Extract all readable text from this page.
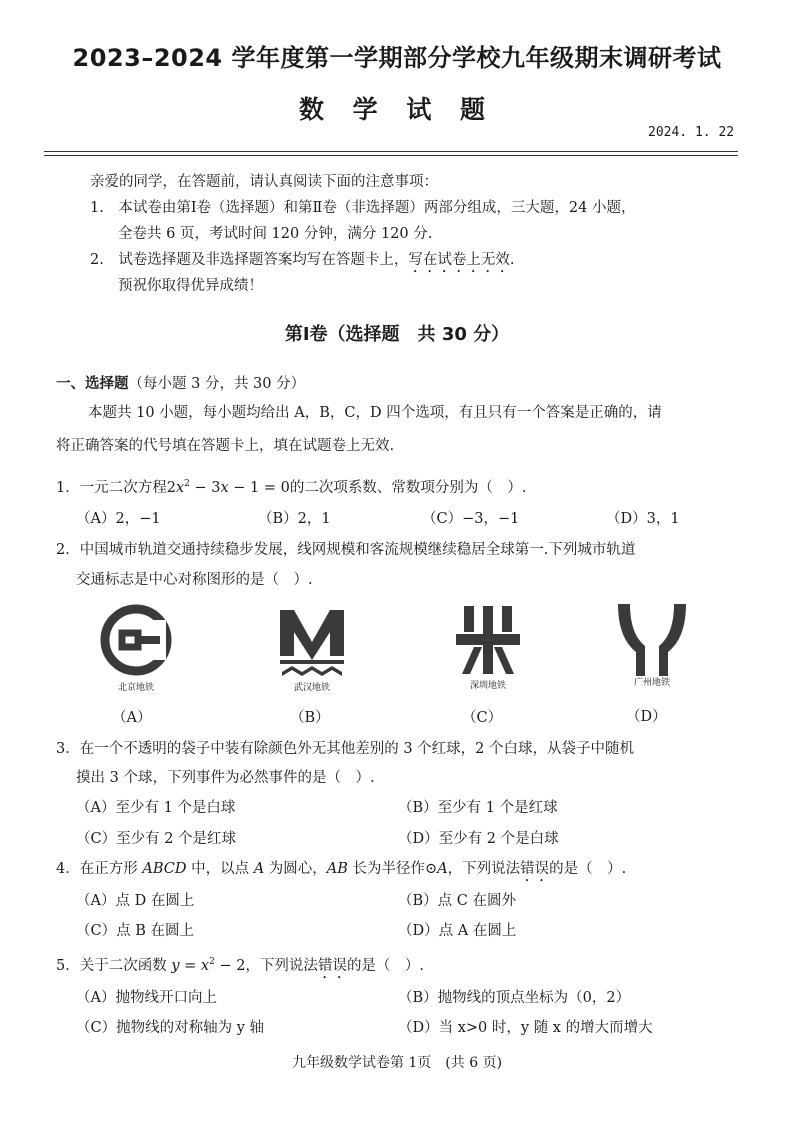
2023–2024 学年度第一学期部分学校九年级期末调研考试
数 学 试 题
2024. 1. 22
亲爱的同学，在答题前，请认真阅读下面的注意事项：
1.　本试卷由第Ⅰ卷（选择题）和第Ⅱ卷（非选择题）两部分组成，三大题，24 小题，
全卷共 6 页，考试时间 120 分钟，满分 120 分.
2.　试卷选择题及非选择题答案均写在答题卡上，写在试卷上无效.
预祝你取得优异成绩！
第Ⅰ卷（选择题　共 30 分）
一、选择题（每小题 3 分，共 30 分）
本题共 10 小题，每小题均给出 A，B，C，D 四个选项，有且只有一个答案是正确的，请
将正确答案的代号填在答题卡上，填在试题卷上无效.
1．一元二次方程$2x^2 - 3x - 1 = 0$的二次项系数、常数项分别为（　）.
（A）2，−1	（B）2，1	（C）−3，−1	（D）3，1
2．中国城市轨道交通持续稳步发展，线网规模和客流规模继续稳居全球第一.下列城市轨道
交通标志是中心对称图形的是（　）.
北京地铁	武汉地铁	深圳地铁	广州地铁
（A）	（B）	（C）	（D）
3．在一个不透明的袋子中装有除颜色外无其他差别的 3 个红球，2 个白球，从袋子中随机
摸出 3 个球，下列事件为必然事件的是（　）.
（A）至少有 1 个是白球	（B）至少有 1 个是红球
（C）至少有 2 个是红球	（D）至少有 2 个是白球
4．在正方形 ABCD 中，以点 A 为圆心，AB 长为半径作⊙A，下列说法错误的是（　）.
（A）点 D 在圆上	（B）点 C 在圆外
（C）点 B 在圆上	（D）点 A 在圆上
5．关于二次函数 $y = x^2 - 2$，下列说法错误的是（　）.
（A）抛物线开口向上	（B）抛物线的顶点坐标为（0，2）
（C）抛物线的对称轴为 y 轴	（D）当 x>0 时，y 随 x 的增大而增大
九年级数学试卷第 1页　(共 6 页)
